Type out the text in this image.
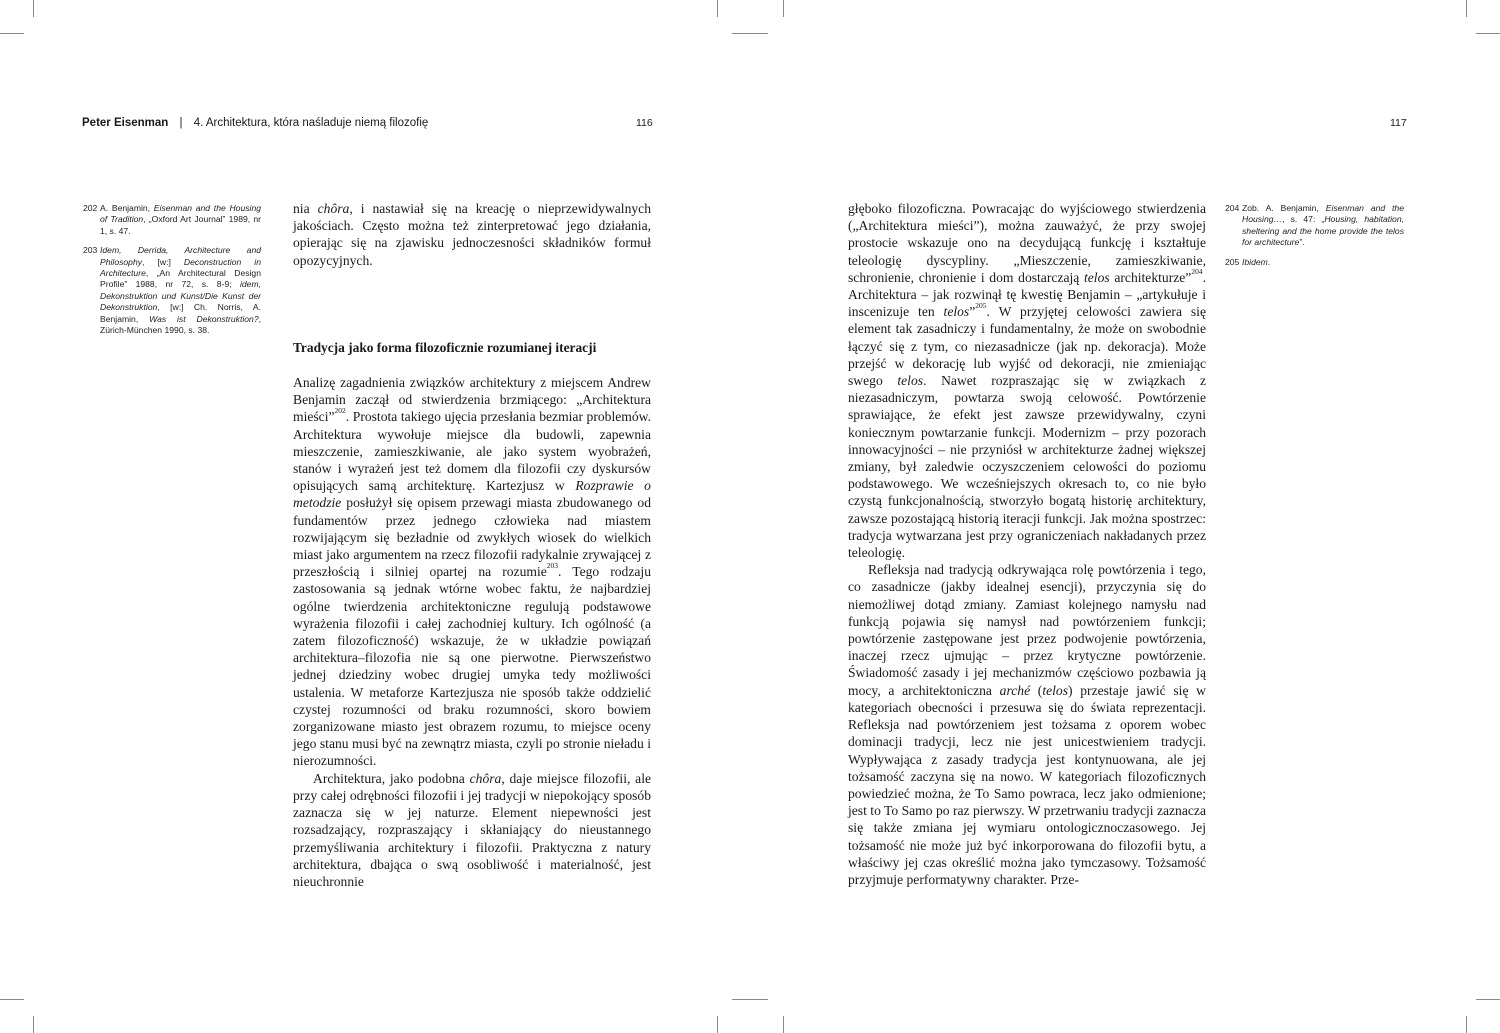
Peter Eisenman | 4. Architektura, która naśladuje niemą filozofię	116	117
202 A. Benjamin, Eisenman and the Housing of Tradition, „Oxford Art Journal” 1989, nr 1, s. 47.
203 Idem, Derrida, Architecture and Philosophy, [w:] Deconstruction in Architecture, „An Architectural Design Profile” 1988, nr 72, s. 8-9; idem, Dekonstruktion und Kunst/Die Kunst der Dekonstruktion, [w:] Ch. Norris, A. Benjamin, Was ist Dekonstruktion?, Zürich-München 1990, s. 38.

nia chôra, i nastawiał się na kreację o nieprzewidywalnych jakościach. Często można też zinterpretować jego działania, opierając się na zjawisku jednoczesności składników formuł opozycyjnych.

Tradycja jako forma filozoficznie rozumianej iteracji

Analizę zagadnienia związków architektury z miejscem Andrew Benjamin zaczął od stwierdzenia brzmiącego: „Architektura mieści”$^{202}$. Prostota takiego ujęcia przesłania bezmiar problemów. Architektura wywołuje miejsce dla budowli, zapewnia mieszczenie, zamieszkiwanie, ale jako system wyobrażeń, stanów i wyrażeń jest też domem dla filozofii czy dyskursów opisujących samą architekturę. Kartezjusz w Rozprawie o metodzie posłużył się opisem przewagi miasta zbudowanego od fundamentów przez jednego człowieka nad miastem rozwijającym się bezładnie od zwykłych wiosek do wielkich miast jako argumentem na rzecz filozofii radykalnie zrywającej z przeszłością i silniej opartej na rozumie$^{203}$. Tego rodzaju zastosowania są jednak wtórne wobec faktu, że najbardziej ogólne twierdzenia architektoniczne regulują podstawowe wyrażenia filozofii i całej zachodniej kultury. Ich ogólność (a zatem filozoficzność) wskazuje, że w układzie powiązań architektura–filozofia nie są one pierwotne. Pierwszeństwo jednej dziedziny wobec drugiej umyka tedy możliwości ustalenia. W metaforze Kartezjusza nie sposób także oddzielić czystej rozumności od braku rozumności, skoro bowiem zorganizowane miasto jest obrazem rozumu, to miejsce oceny jego stanu musi być na zewnątrz miasta, czyli po stronie nieładu i nierozumności.

Architektura, jako podobna chôra, daje miejsce filozofii, ale przy całej odrębności filozofii i jej tradycji w niepokojący sposób zaznacza się w jej naturze. Element niepewności jest rozsadzający, rozpraszający i skłaniający do nieustannego przemyśliwania architektury i filozofii. Praktyczna z natury architektura, dbająca o swą osobliwość i materialność, jest nieuchronnie

głęboko filozoficzna. Powracając do wyjściowego stwierdzenia („Architektura mieści”), można zauważyć, że przy swojej prostocie wskazuje ono na decydującą funkcję i kształtuje teleologię dyscypliny. „Mieszczenie, zamieszkiwanie, schronienie, chronienie i dom dostarczają telos architekturze”$^{204}$. Architektura – jak rozwinął tę kwestię Benjamin – „artykułuje i inscenizuje ten telos”$^{205}$. W przyjętej celowości zawiera się element tak zasadniczy i fundamentalny, że może on swobodnie łączyć się z tym, co niezasadnicze (jak np. dekoracja). Może przejść w dekorację lub wyjść od dekoracji, nie zmieniając swego telos. Nawet rozpraszając się w związkach z niezasadniczym, powtarza swoją celowość. Powtórzenie sprawiające, że efekt jest zawsze przewidywalny, czyni koniecznym powtarzanie funkcji. Modernizm – przy pozorach innowacyjności – nie przyniósł w architekturze żadnej większej zmiany, był zaledwie oczyszczeniem celowości do poziomu podstawowego. We wcześniejszych okresach to, co nie było czystą funkcjonalnością, stworzyło bogatą historię architektury, zawsze pozostającą historią iteracji funkcji. Jak można spostrzec: tradycja wytwarzana jest przy ograniczeniach nakładanych przez teleologię.

Refleksja nad tradycją odkrywająca rolę powtórzenia i tego, co zasadnicze (jakby idealnej esencji), przyczynia się do niemożliwej dotąd zmiany. Zamiast kolejnego namysłu nad funkcją pojawia się namysł nad powtórzeniem funkcji; powtórzenie zastępowane jest przez podwojenie powtórzenia, inaczej rzecz ujmując – przez krytyczne powtórzenie. Świadomość zasady i jej mechanizmów częściowo pozbawia ją mocy, a architektoniczna arché (telos) przestaje jawić się w kategoriach obecności i przesuwa się do świata reprezentacji. Refleksja nad powtórzeniem jest tożsama z oporem wobec dominacji tradycji, lecz nie jest unicestwieniem tradycji. Wypływająca z zasady tradycja jest kontynuowana, ale jej tożsamość zaczyna się na nowo. W kategoriach filozoficznych powiedzieć można, że To Samo powraca, lecz jako odmienione; jest to To Samo po raz pierwszy. W przetrwaniu tradycji zaznacza się także zmiana jej wymiaru ontologicznoczasowego. Jej tożsamość nie może już być inkorporowana do filozofii bytu, a właściwy jej czas określić można jako tymczasowy. Tożsamość przyjmuje performatywny charakter. Prze-

204 Zob. A. Benjamin, Eisenman and the Housing…, s. 47: „Housing, habitation, sheltering and the home provide the telos for architecture”.
205 Ibidem.
